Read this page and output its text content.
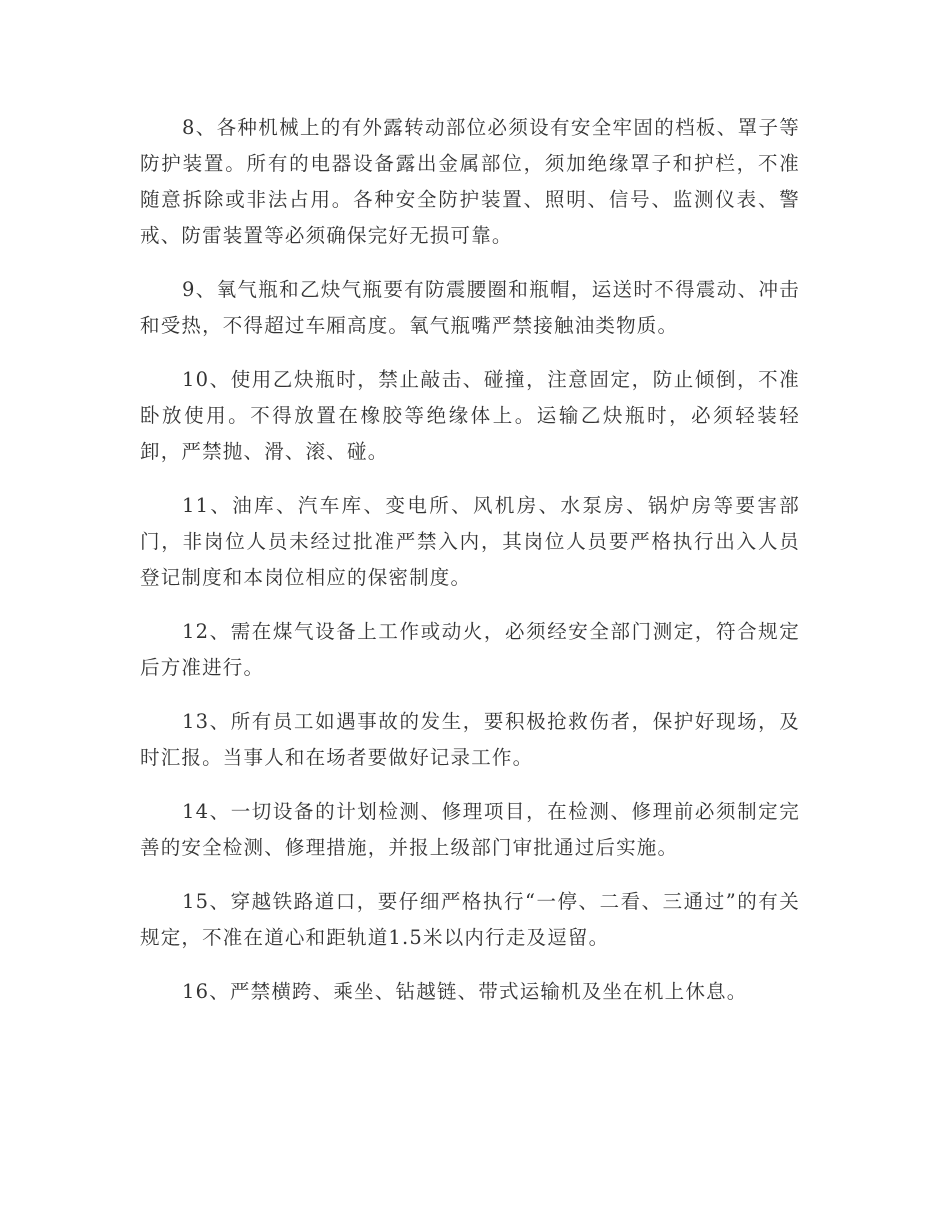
8、各种机械上的有外露转动部位必须设有安全牢固的档板、罩子等防护装置。所有的电器设备露出金属部位，须加绝缘罩子和护栏，不准随意拆除或非法占用。各种安全防护装置、照明、信号、监测仪表、警戒、防雷装置等必须确保完好无损可靠。

9、氧气瓶和乙炔气瓶要有防震腰圈和瓶帽，运送时不得震动、冲击和受热，不得超过车厢高度。氧气瓶嘴严禁接触油类物质。

10、使用乙炔瓶时，禁止敲击、碰撞，注意固定，防止倾倒，不准卧放使用。不得放置在橡胶等绝缘体上。运输乙炔瓶时，必须轻装轻卸，严禁抛、滑、滚、碰。

11、油库、汽车库、变电所、风机房、水泵房、锅炉房等要害部门，非岗位人员未经过批准严禁入内，其岗位人员要严格执行出入人员登记制度和本岗位相应的保密制度。

12、需在煤气设备上工作或动火，必须经安全部门测定，符合规定后方准进行。

13、所有员工如遇事故的发生，要积极抢救伤者，保护好现场，及时汇报。当事人和在场者要做好记录工作。

14、一切设备的计划检测、修理项目，在检测、修理前必须制定完善的安全检测、修理措施，并报上级部门审批通过后实施。

15、穿越铁路道口，要仔细严格执行“一停、二看、三通过”的有关规定，不准在道心和距轨道1.5米以内行走及逗留。

16、严禁横跨、乘坐、钻越链、带式运输机及坐在机上休息。
